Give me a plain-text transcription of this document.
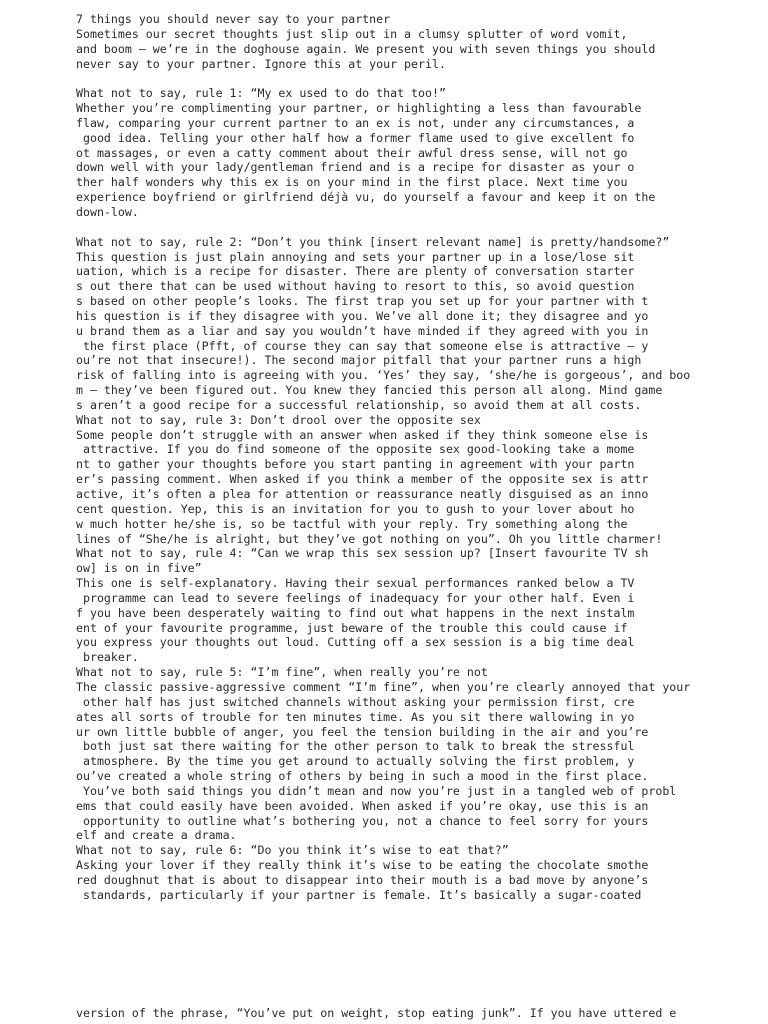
7 things you should never say to your partner
Sometimes our secret thoughts just slip out in a clumsy splutter of word vomit,
and boom – we’re in the doghouse again. We present you with seven things you should
never say to your partner. Ignore this at your peril.
What not to say, rule 1: “My ex used to do that too!”
Whether you’re complimenting your partner, or highlighting a less than favourable
flaw, comparing your current partner to an ex is not, under any circumstances, a
good idea. Telling your other half how a former flame used to give excellent fo
ot massages, or even a catty comment about their awful dress sense, will not go
down well with your lady/gentleman friend and is a recipe for disaster as your o
ther half wonders why this ex is on your mind in the first place. Next time you
experience boyfriend or girlfriend déjà vu, do yourself a favour and keep it on the
down-low.
What not to say, rule 2: “Don’t you think [insert relevant name] is pretty/handsome?”
This question is just plain annoying and sets your partner up in a lose/lose sit
uation, which is a recipe for disaster. There are plenty of conversation starter
s out there that can be used without having to resort to this, so avoid question
s based on other people’s looks. The first trap you set up for your partner with t
his question is if they disagree with you. We’ve all done it; they disagree and yo
u brand them as a liar and say you wouldn’t have minded if they agreed with you in
the first place (Pfft, of course they can say that someone else is attractive – y
ou’re not that insecure!). The second major pitfall that your partner runs a high
risk of falling into is agreeing with you. ‘Yes’ they say, ‘she/he is gorgeous’, and boo
m – they’ve been figured out. You knew they fancied this person all along. Mind game
s aren’t a good recipe for a successful relationship, so avoid them at all costs.
What not to say, rule 3: Don’t drool over the opposite sex
Some people don’t struggle with an answer when asked if they think someone else is
attractive. If you do find someone of the opposite sex good-looking take a mome
nt to gather your thoughts before you start panting in agreement with your partn
er’s passing comment. When asked if you think a member of the opposite sex is attr
active, it’s often a plea for attention or reassurance neatly disguised as an inno
cent question. Yep, this is an invitation for you to gush to your lover about ho
w much hotter he/she is, so be tactful with your reply. Try something along the
lines of “She/he is alright, but they’ve got nothing on you”. Oh you little charmer!
What not to say, rule 4: “Can we wrap this sex session up? [Insert favourite TV sh
ow] is on in five”
This one is self-explanatory. Having their sexual performances ranked below a TV
programme can lead to severe feelings of inadequacy for your other half. Even i
f you have been desperately waiting to find out what happens in the next instalm
ent of your favourite programme, just beware of the trouble this could cause if
you express your thoughts out loud. Cutting off a sex session is a big time deal
breaker.
What not to say, rule 5: “I’m fine”, when really you’re not
The classic passive-aggressive comment “I’m fine”, when you’re clearly annoyed that your
other half has just switched channels without asking your permission first, cre
ates all sorts of trouble for ten minutes time. As you sit there wallowing in yo
ur own little bubble of anger, you feel the tension building in the air and you’re
both just sat there waiting for the other person to talk to break the stressful
atmosphere. By the time you get around to actually solving the first problem, y
ou’ve created a whole string of others by being in such a mood in the first place.
You’ve both said things you didn’t mean and now you’re just in a tangled web of probl
ems that could easily have been avoided. When asked if you’re okay, use this is an
opportunity to outline what’s bothering you, not a chance to feel sorry for yours
elf and create a drama.
What not to say, rule 6: “Do you think it’s wise to eat that?”
Asking your lover if they really think it’s wise to be eating the chocolate smothe
red doughnut that is about to disappear into their mouth is a bad move by anyone’s
standards, particularly if your partner is female. It’s basically a sugar-coated
version of the phrase, “You’ve put on weight, stop eating junk”. If you have uttered e
